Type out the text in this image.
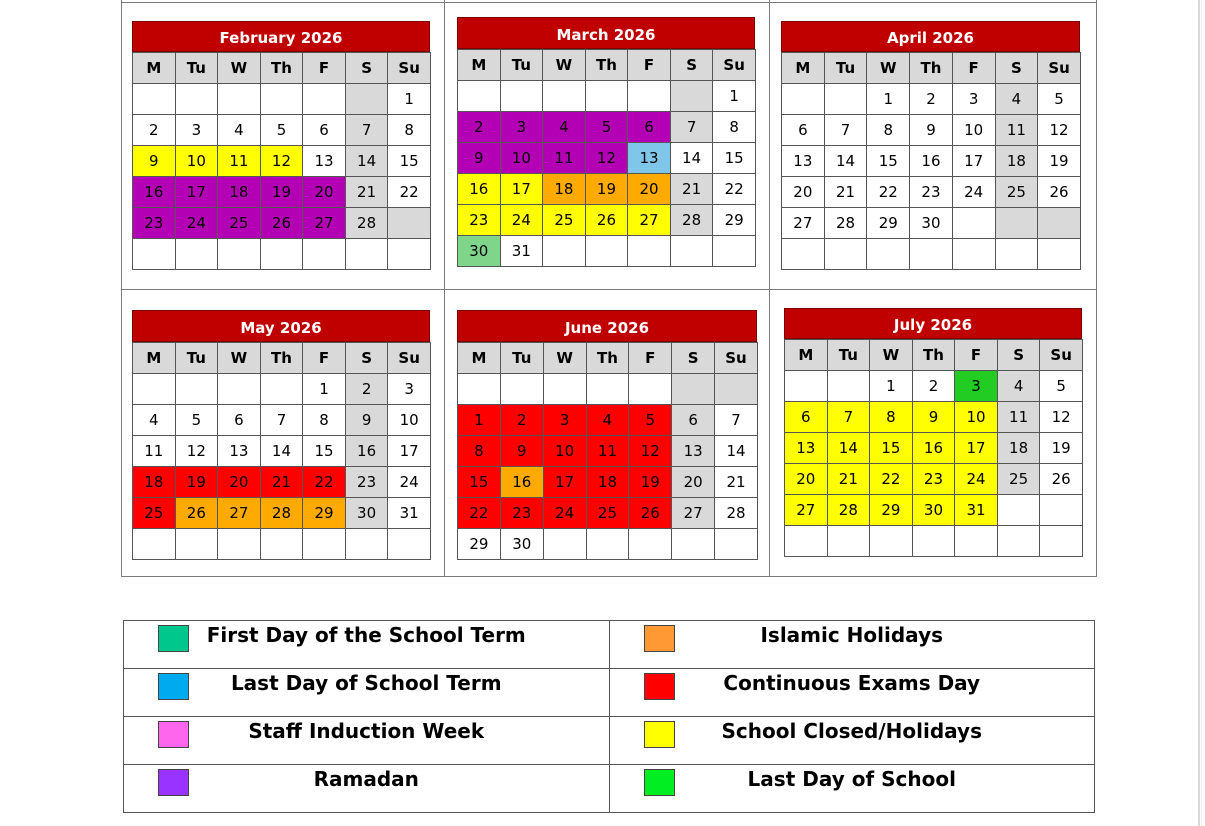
February 2026
M	Tu	W	Th	F	S	Su
						1
2	3	4	5	6	7	8
9	10	11	12	13	14	15
16	17	18	19	20	21	22
23	24	25	26	27	28	

March 2026
M	Tu	W	Th	F	S	Su
						1
2	3	4	5	6	7	8
9	10	11	12	13	14	15
16	17	18	19	20	21	22
23	24	25	26	27	28	29
30	31					
April 2026
M	Tu	W	Th	F	S	Su
		1	2	3	4	5
6	7	8	9	10	11	12
13	14	15	16	17	18	19
20	21	22	23	24	25	26
27	28	29	30			

May 2026
M	Tu	W	Th	F	S	Su
				1	2	3
4	5	6	7	8	9	10
11	12	13	14	15	16	17
18	19	20	21	22	23	24
25	26	27	28	29	30	31

June 2026
M	Tu	W	Th	F	S	Su

1	2	3	4	5	6	7
8	9	10	11	12	13	14
15	16	17	18	19	20	21
22	23	24	25	26	27	28
29	30					
July 2026
M	Tu	W	Th	F	S	Su
		1	2	3	4	5
6	7	8	9	10	11	12
13	14	15	16	17	18	19
20	21	22	23	24	25	26
27	28	29	30	31		

First Day of the School Term	Islamic Holidays

Last Day of School Term	Continuous Exams Day

Staff Induction Week	School Closed/Holidays

Ramadan	Last Day of School
